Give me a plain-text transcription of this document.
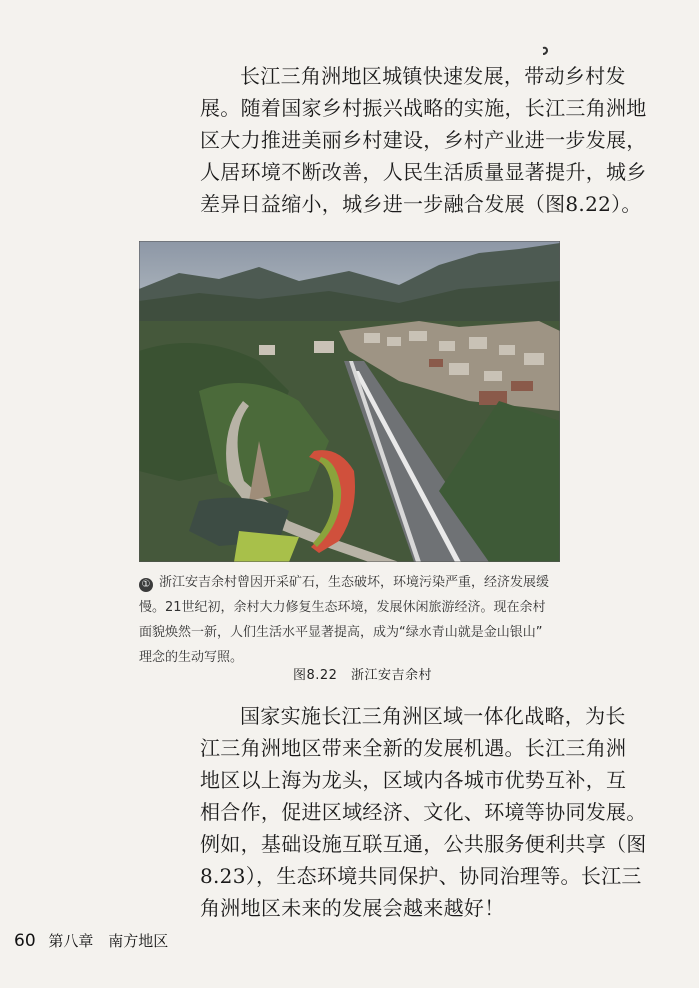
长江三角洲地区城镇快速发展，带动乡村发
展。随着国家乡村振兴战略的实施，长江三角洲地
区大力推进美丽乡村建设，乡村产业进一步发展，
人居环境不断改善，人民生活质量显著提升，城乡
差异日益缩小，城乡进一步融合发展（图8.22）。

① 浙江安吉余村曾因开采矿石，生态破坏，环境污染严重，经济发展缓
慢。21世纪初，余村大力修复生态环境，发展休闲旅游经济。现在余村
面貌焕然一新，人们生活水平显著提高，成为“绿水青山就是金山银山”
理念的生动写照。
图8.22　浙江安吉余村

国家实施长江三角洲区域一体化战略，为长
江三角洲地区带来全新的发展机遇。长江三角洲
地区以上海为龙头，区域内各城市优势互补，互
相合作，促进区域经济、文化、环境等协同发展。
例如，基础设施互联互通，公共服务便利共享（图
8.23），生态环境共同保护、协同治理等。长江三
角洲地区未来的发展会越来越好！

60 第八章 南方地区
